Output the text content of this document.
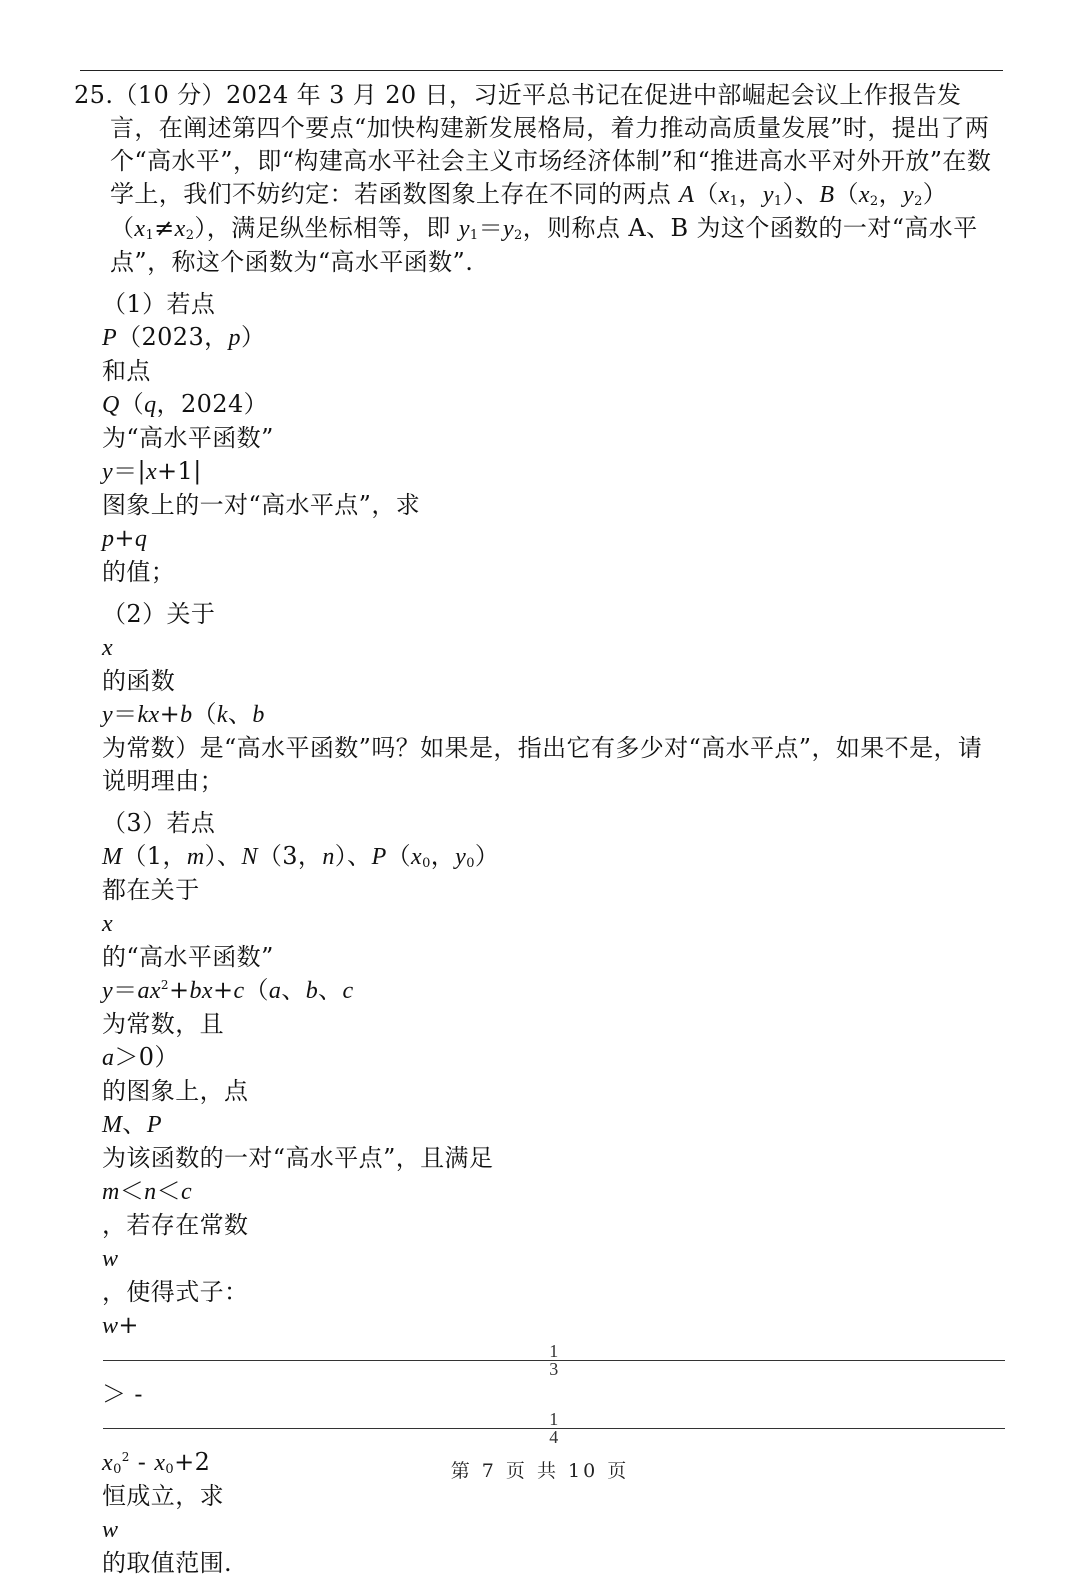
25.（10 分）2024 年 3 月 20 日，习近平总书记在促进中部崛起会议上作报告发言，在阐述第四个要点“加快构建新发展格局，着力推动高质量发展”时，提出了两个“高水平”，即“构建高水平社会主义市场经济体制”和“推进高水平对外开放”在数学上，我们不妨约定：若函数图象上存在不同的两点 $A(x_1$，$y_1$）、$B(x_2$，$y_2)(x_1\ne x_2)$，满足纵坐标相等，即 $y_1=y_2$，则称点 A、B 为这个函数的一对“高水平点”，称这个函数为“高水平函数”.

（1）若点
P（2023，p）
和点
Q（q，2024）
为“高水平函数”
y＝|x+1|
图象上的一对“高水平点”，求
p+q
的值；

（2）关于
x
的函数
y＝kx+b（k、b
为常数）是“高水平函数”吗？如果是，指出它有多少对“高水平点”，如果不是，请说明理由；

（3）若点
M（1，m）、N（3，n）、$P(x_0$，$y_0$）
都在关于
x
的“高水平函数”
$y=ax^2+bx+c(a$、b、c
为常数，且
a＞0）
的图象上，点
M、P
为该函数的一对“高水平点”，且满足
m＜n＜c
，若存在常数
w
，使得式子：
w+
1
3
＞ -
1
4
$x_0^2 - x_0+2$
恒成立，求
w
的取值范围.

第 7 页 共 10 页
